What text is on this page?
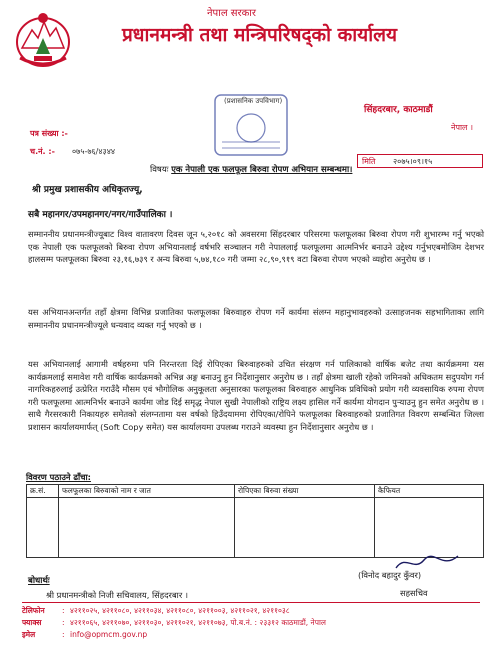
नेपाल सरकार
प्रधानमन्त्री तथा मन्त्रिपरिषद्को कार्यालय
(प्रशासनिक उपविभाग)
सिंहदरबार, काठमाडौं
नेपाल ।
पत्र संख्या :-
च.नं. :- ०७५-७६/४३४४
मिति २०७५।०९।१५
विषयः एक नेपाली एक फलफूल बिरुवा रोपण अभियान सम्बन्धमा।
श्री प्रमुख प्रशासकीय अधिकृतज्यू,
सबै महानगर/उपमहानगर/नगर/गाउँपालिका ।

सम्माननीय प्रधानमन्त्रीज्यूबाट विश्व वातावरण दिवस जून ५,२०१८ को अवसरमा सिंहदरबार परिसरमा फलफूलका बिरुवा रोपण गरी शुभारम्भ गर्नु भएको एक नेपाली एक फलफूलको बिरुवा रोपण अभियानलाई वर्षभरि सञ्चालन गरी नेपाललाई फलफूलमा आत्मनिर्भर बनाउने उद्देश्य गर्नुभएबमोजिम देशभर हालसम्म फलफूलका बिरुवा २३,१६,७३९ र अन्य बिरुवा ५,७४,१८० गरी जम्मा २८,९०,९१९ वटा बिरुवा रोपण भएको व्यहोरा अनुरोध छ ।

यस अभियानअन्तर्गत तहाँ क्षेत्रमा विभिन्न प्रजातिका फलफूलका बिरुवाहरु रोपण गर्ने कार्यमा संलग्न महानुभावहरुको उत्साहजनक सहभागिताका लागि सम्माननीय प्रधानमन्त्रीज्यूले धन्यवाद व्यक्त गर्नु भएको छ ।

यस अभियानलाई आगामी वर्षहरुमा पनि निरन्तरता दिई रोपिएका बिरुवाहरुको उचित संरक्षण गर्न पालिकाको वार्षिक बजेट तथा कार्यक्रममा यस कार्यक्रमलाई समावेश गरी वार्षिक कार्यक्रमको अभिन्न अङ्ग बनाउनु हुन निर्देशानुसार अनुरोध छ । तहाँ क्षेत्रमा खाली रहेको जमिनको अधिकतम सदुपयोग गर्न नागरिकहरुलाई उत्प्रेरित गराउँदै मौसम एवं भौगोलिक अनुकूलता अनुसारका फलफूलका बिरुवाहरु आधुनिक प्रविधिको प्रयोग गरी व्यवसायिक रुपमा रोपण गरी फलफूलमा आत्मनिर्भर बनाउने कार्यमा जोड दिई समृद्ध नेपाल सुखी नेपालीको राष्ट्रिय लक्ष्य हासिल गर्ने कार्यमा योगदान पुऱ्याउनु हुन समेत अनुरोध छ । साथै गैरसरकारी निकायहरु समेतको संलग्नतामा यस वर्षको हिउँदयाममा रोपिएका/रोपिने फलफूलका बिरुवाहरुको प्रजातिगत विवरण सम्बन्धित जिल्ला प्रशासन कार्यालयमार्फत् (Soft Copy समेत) यस कार्यालयमा उपलब्ध गराउने व्यवस्था हुन निर्देशानुसार अनुरोध छ ।

विवरण पठाउने ढाँचा:
क्र.सं.	फलफूलका बिरुवाको नाम र जात	रोपिएका बिरुवा संख्या	कैफियत

(विनोद बहादुर कुँवर)
सहसचिव
बोधार्थः
श्री प्रधानमन्त्रीको निजी सचिवालय, सिंहदरबार ।
टेलिफोन : ४२११०२५, ४२११०८०, ४२११०३४, ४२११०८०, ४२११००३, ४२११०२१, ४२११०३८
फ्याक्स	: ४२११०६५, ४२११०७०, ४२११०३०, ४२११०२१, ४२११०७३, पो.ब.नं. : २३३१२ काठमाडौं, नेपाल
इमेल	: info@opmcm.gov.np
